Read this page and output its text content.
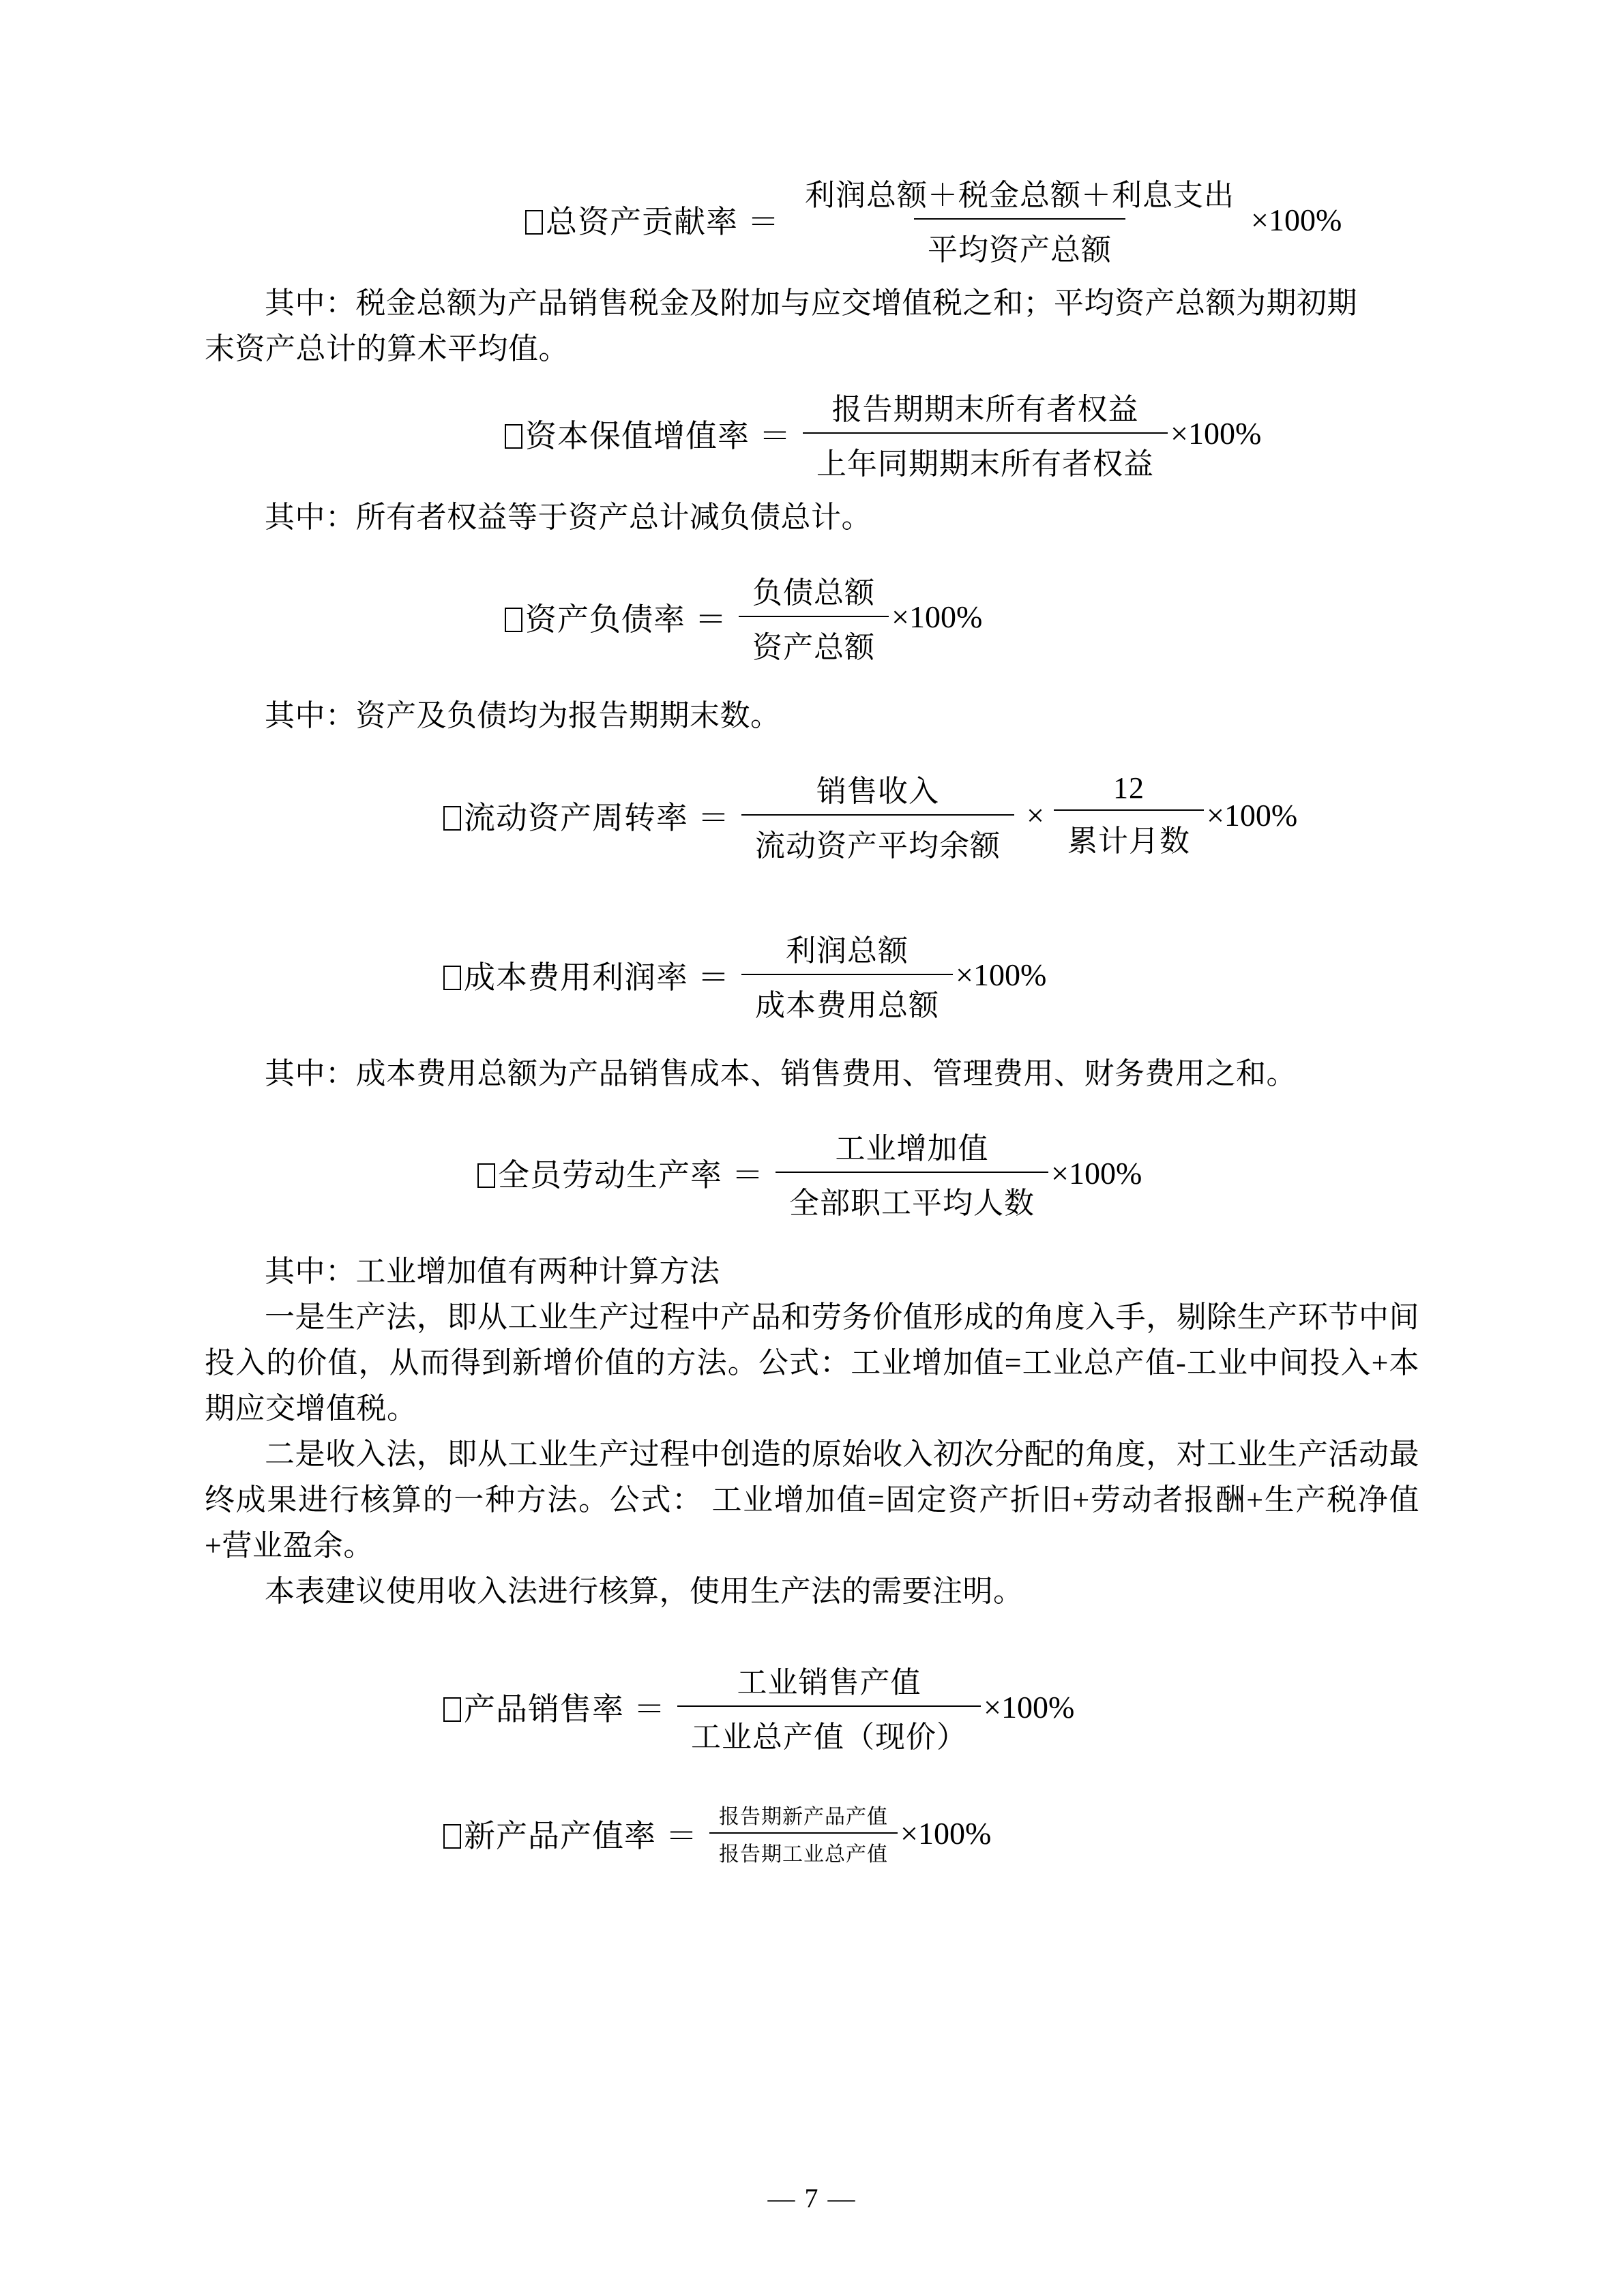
总资产贡献率 ＝ $\frac{\text{利润总额＋税金总额＋利息支出}}{\text{平均资产总额}} \times 100\%$

其中：税金总额为产品销售税金及附加与应交增值税之和；平均资产总额为期初期

末资产总计的算术平均值。

资本保值增值率 ＝ $\frac{\text{报告期期末所有者权益}}{\text{上年同期期末所有者权益}} \times 100\%$

其中：所有者权益等于资产总计减负债总计。

资产负债率 ＝ $\frac{\text{负债总额}}{\text{资产总额}} \times 100\%$

其中：资产及负债均为报告期期末数。

流动资产周转率 ＝ $\frac{\text{销售收入}}{\text{流动资产平均余额}} \times \frac{12}{\text{累计月数}} \times 100\%$
成本费用利润率 ＝ $\frac{\text{利润总额}}{\text{成本费用总额}} \times 100\%$

其中：成本费用总额为产品销售成本、销售费用、管理费用、财务费用之和。

全员劳动生产率 ＝ $\frac{\text{工业增加值}}{\text{全部职工平均人数}} \times 100\%$

其中：工业增加值有两种计算方法

一是生产法，即从工业生产过程中产品和劳务价值形成的角度入手，剔除生产环节中间投入的价值，从而得到新增价值的方法。公式：工业增加值=工业总产值-工业中间投入+本期应交增值税。

二是收入法，即从工业生产过程中创造的原始收入初次分配的角度，对工业生产活动最终成果进行核算的一种方法。公式： 工业增加值=固定资产折旧+劳动者报酬+生产税净值+营业盈余。

本表建议使用收入法进行核算，使用生产法的需要注明。

产品销售率 ＝ $\frac{\text{工业销售产值}}{\text{工业总产值（现价）}} \times 100\%$
新产品产值率 ＝ $\frac{\text{报告期新产品产值}}{\text{报告期工业总产值}} \times 100\%$
— 7 —
